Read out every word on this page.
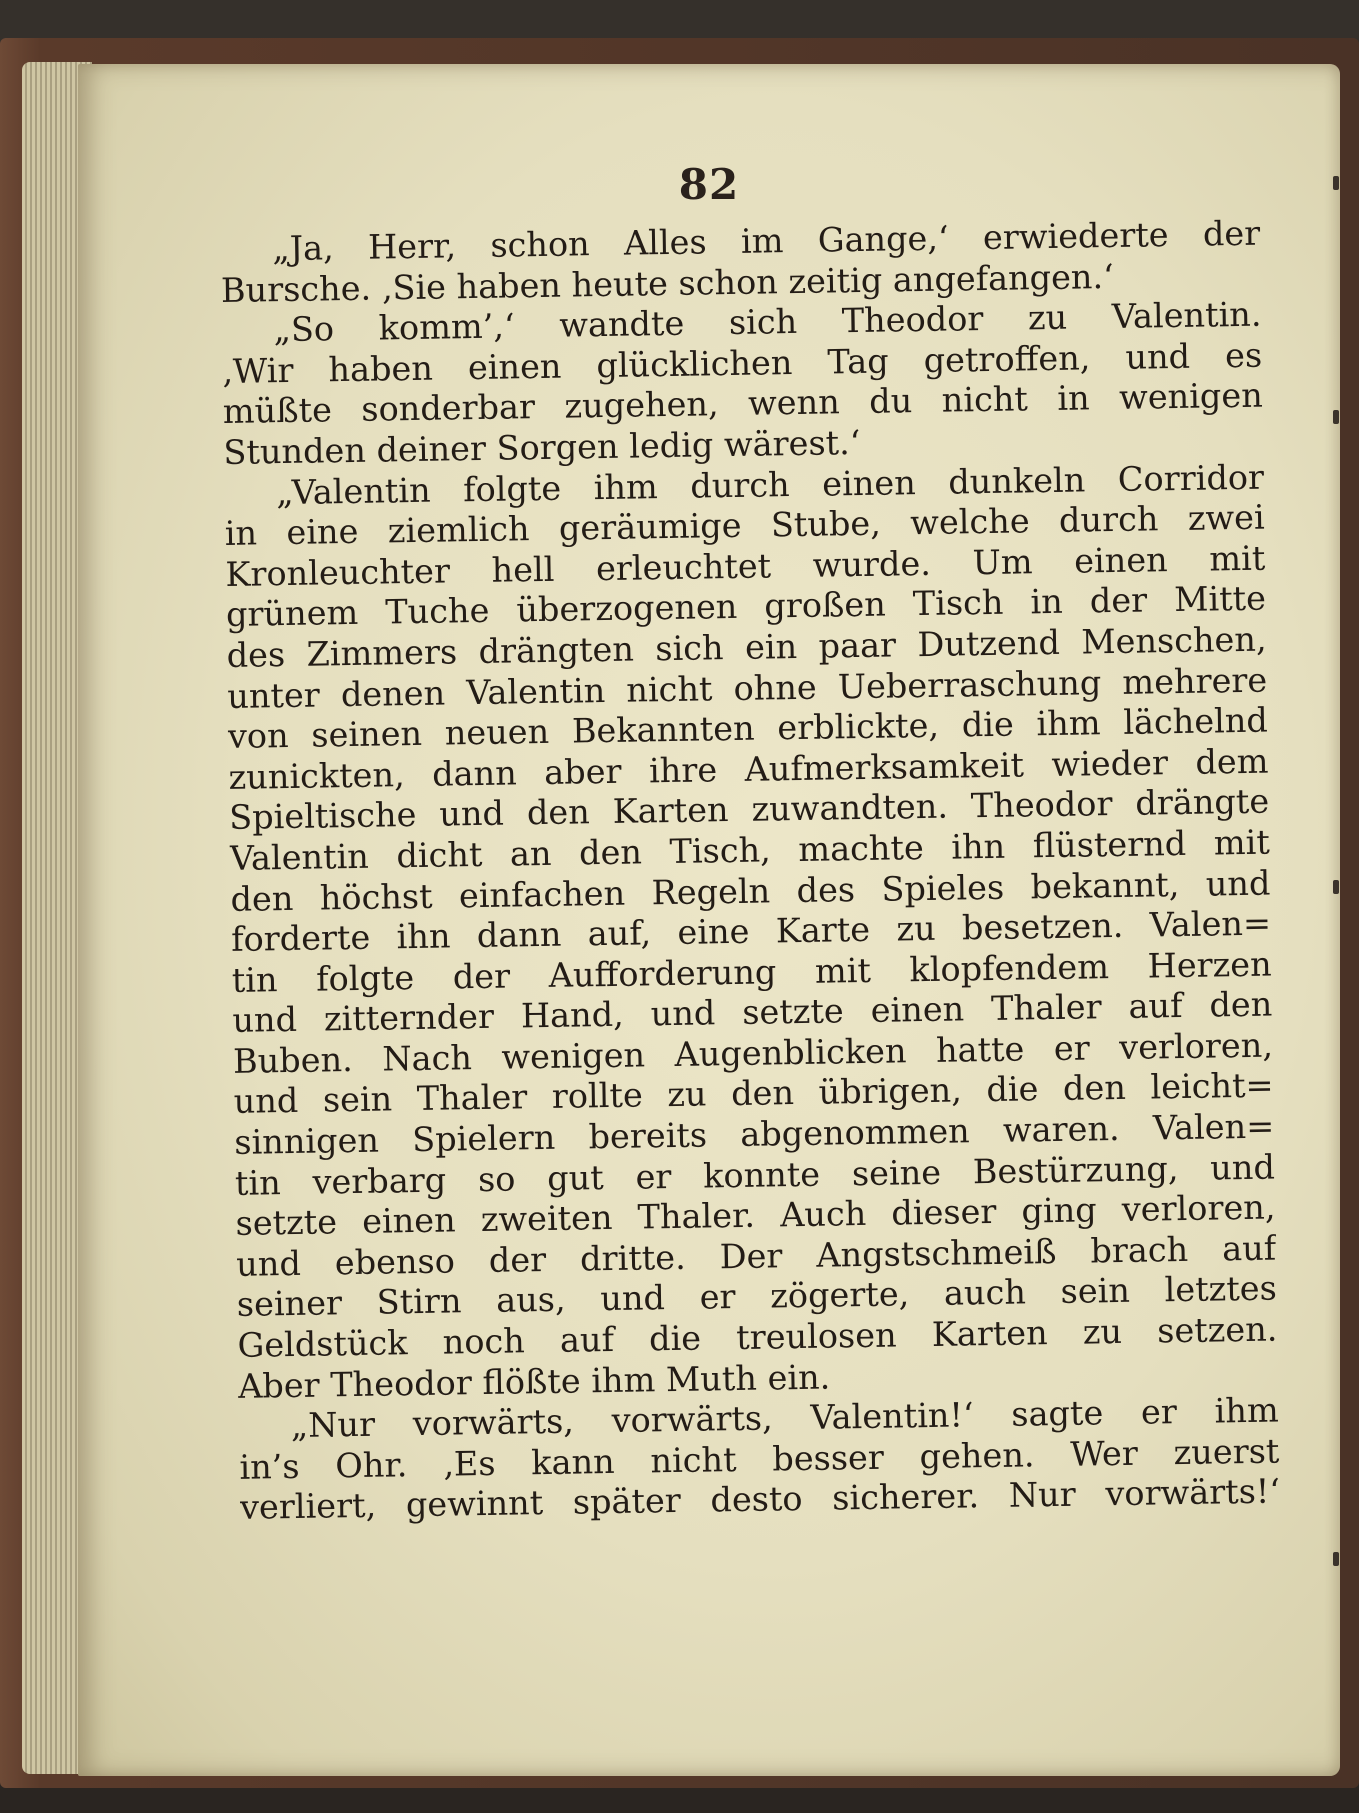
82
„Ja, Herr, schon Alles im Gange,‘ erwiederte der
Bursche. ‚Sie haben heute schon zeitig angefangen.‘
„So komm’,‘ wandte sich Theodor zu Valentin.
‚Wir haben einen glücklichen Tag getroffen, und es
müßte sonderbar zugehen, wenn du nicht in wenigen
Stunden deiner Sorgen ledig wärest.‘
„Valentin folgte ihm durch einen dunkeln Corridor
in eine ziemlich geräumige Stube, welche durch zwei
Kronleuchter hell erleuchtet wurde. Um einen mit
grünem Tuche überzogenen großen Tisch in der Mitte
des Zimmers drängten sich ein paar Dutzend Menschen,
unter denen Valentin nicht ohne Ueberraschung mehrere
von seinen neuen Bekannten erblickte, die ihm lächelnd
zunickten, dann aber ihre Aufmerksamkeit wieder dem
Spieltische und den Karten zuwandten. Theodor drängte
Valentin dicht an den Tisch, machte ihn flüsternd mit
den höchst einfachen Regeln des Spieles bekannt, und
forderte ihn dann auf, eine Karte zu besetzen. Valen=
tin folgte der Aufforderung mit klopfendem Herzen
und zitternder Hand, und setzte einen Thaler auf den
Buben. Nach wenigen Augenblicken hatte er verloren,
und sein Thaler rollte zu den übrigen, die den leicht=
sinnigen Spielern bereits abgenommen waren. Valen=
tin verbarg so gut er konnte seine Bestürzung, und
setzte einen zweiten Thaler. Auch dieser ging verloren,
und ebenso der dritte. Der Angstschmeiß brach auf
seiner Stirn aus, und er zögerte, auch sein letztes
Geldstück noch auf die treulosen Karten zu setzen.
Aber Theodor flößte ihm Muth ein.
„Nur vorwärts, vorwärts, Valentin!‘ sagte er ihm
in’s Ohr. ‚Es kann nicht besser gehen. Wer zuerst
verliert, gewinnt später desto sicherer. Nur vorwärts!‘
